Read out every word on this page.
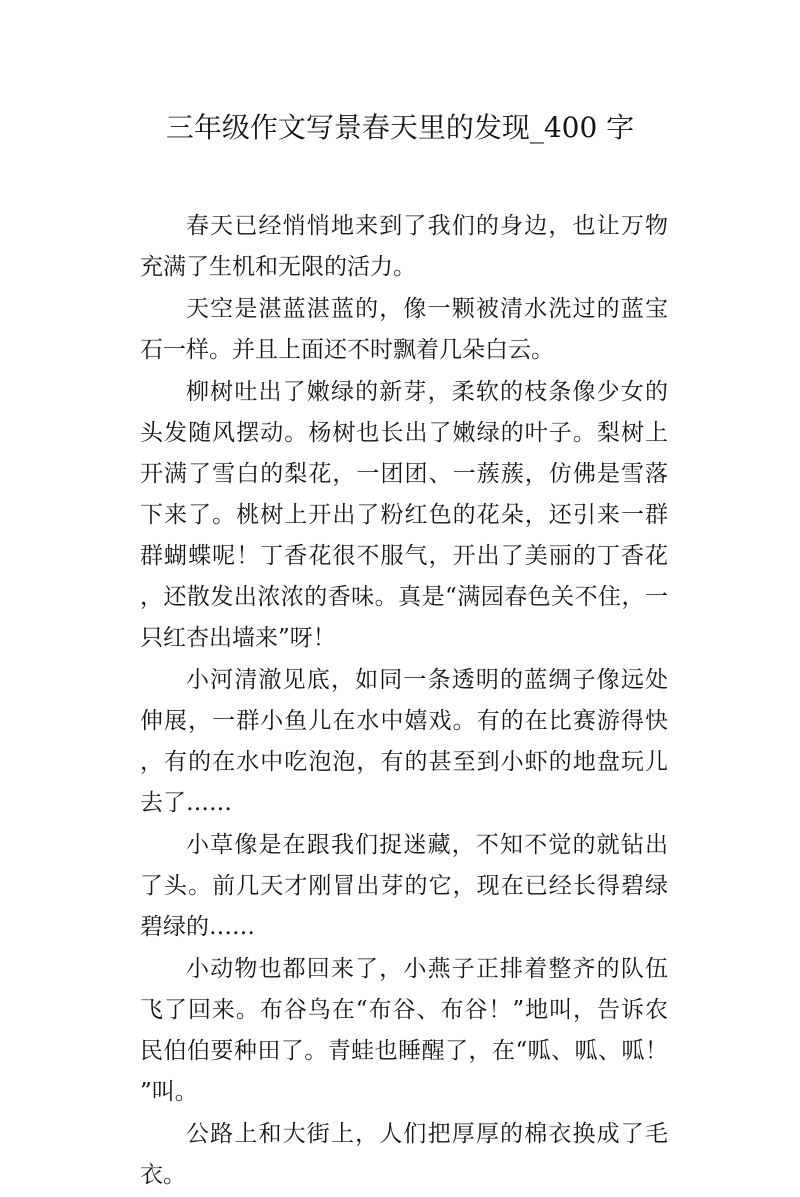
三年级作文写景春天里的发现_400 字

春天已经悄悄地来到了我们的身边，也让万物充满了生机和无限的活力。

天空是湛蓝湛蓝的，像一颗被清水洗过的蓝宝石一样。并且上面还不时飘着几朵白云。

柳树吐出了嫩绿的新芽，柔软的枝条像少女的头发随风摆动。杨树也长出了嫩绿的叶子。梨树上开满了雪白的梨花，一团团、一蔟蔟，仿佛是雪落下来了。桃树上开出了粉红色的花朵，还引来一群群蝴蝶呢！丁香花很不服气，开出了美丽的丁香花，还散发出浓浓的香味。真是“满园春色关不住，一只红杏出墙来”呀！

小河清澈见底，如同一条透明的蓝绸子像远处伸展，一群小鱼儿在水中嬉戏。有的在比赛游得快，有的在水中吃泡泡，有的甚至到小虾的地盘玩儿去了……

小草像是在跟我们捉迷藏，不知不觉的就钻出了头。前几天才刚冒出芽的它，现在已经长得碧绿碧绿的……

小动物也都回来了，小燕子正排着整齐的队伍飞了回来。布谷鸟在“布谷、布谷！”地叫，告诉农民伯伯要种田了。青蛙也睡醒了，在“呱、呱、呱！”叫。

公路上和大街上，人们把厚厚的棉衣换成了毛衣。
